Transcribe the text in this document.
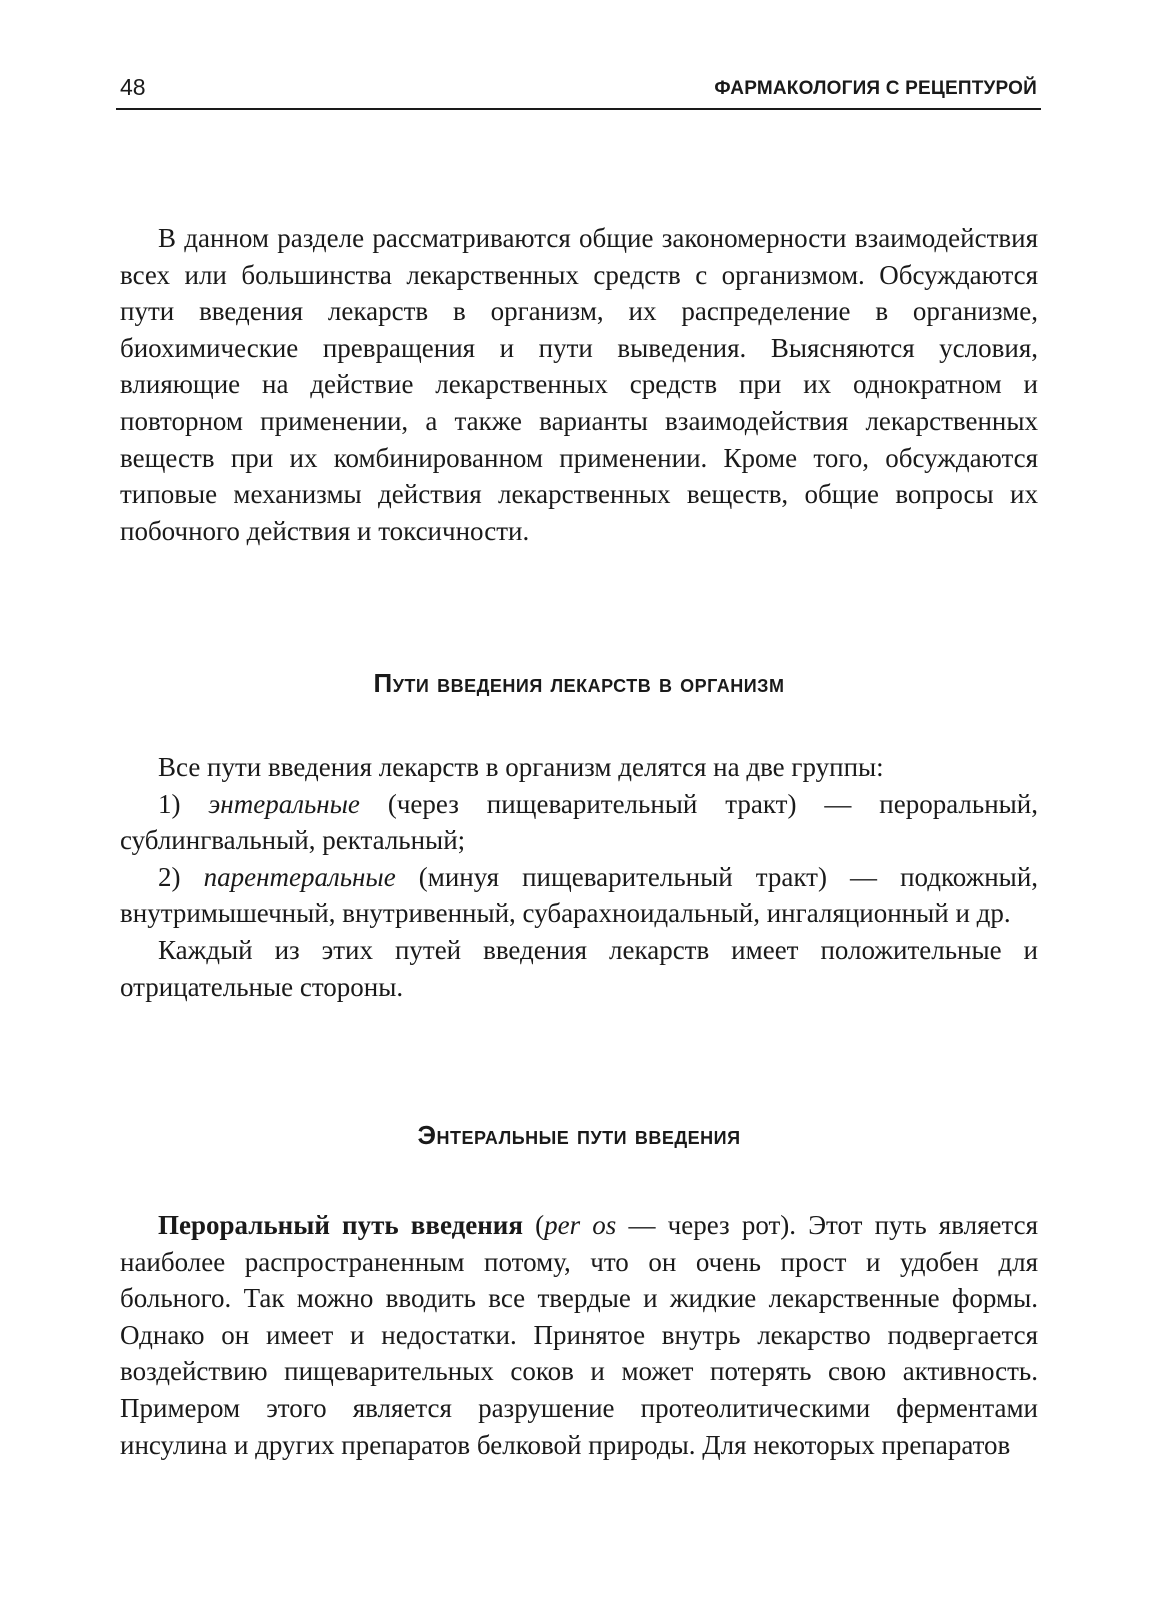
48	ФАРМАКОЛОГИЯ С РЕЦЕПТУРОЙ

В данном разделе рассматриваются общие закономерности взаимодействия всех или большинства лекарственных средств с организмом. Обсуждаются пути введения лекарств в организм, их распределение в организме, биохимические превращения и пути выведения. Выясняются условия, влияющие на действие лекарственных средств при их однократном и повторном применении, а также варианты взаимодействия лекарственных веществ при их комбинированном применении. Кроме того, обсуждаются типовые механизмы действия лекарственных веществ, общие вопросы их побочного действия и токсичности.

Пути введения лекарств в организм

Все пути введения лекарств в организм делятся на две группы:

1) энтеральные (через пищеварительный тракт) — пероральный, сублингвальный, ректальный;

2) парентеральные (минуя пищеварительный тракт) — подкожный, внутримышечный, внутривенный, субарахноидальный, ингаляционный и др.

Каждый из этих путей введения лекарств имеет положительные и отрицательные стороны.

Энтеральные пути введения

Пероральный путь введения (per os — через рот). Этот путь является наиболее распространенным потому, что он очень прост и удобен для больного. Так можно вводить все твердые и жидкие лекарственные формы. Однако он имеет и недостатки. Принятое внутрь лекарство подвергается воздействию пищеварительных соков и может потерять свою активность. Примером этого является разрушение протеолитическими ферментами инсулина и других препаратов белковой природы. Для некоторых препаратов
